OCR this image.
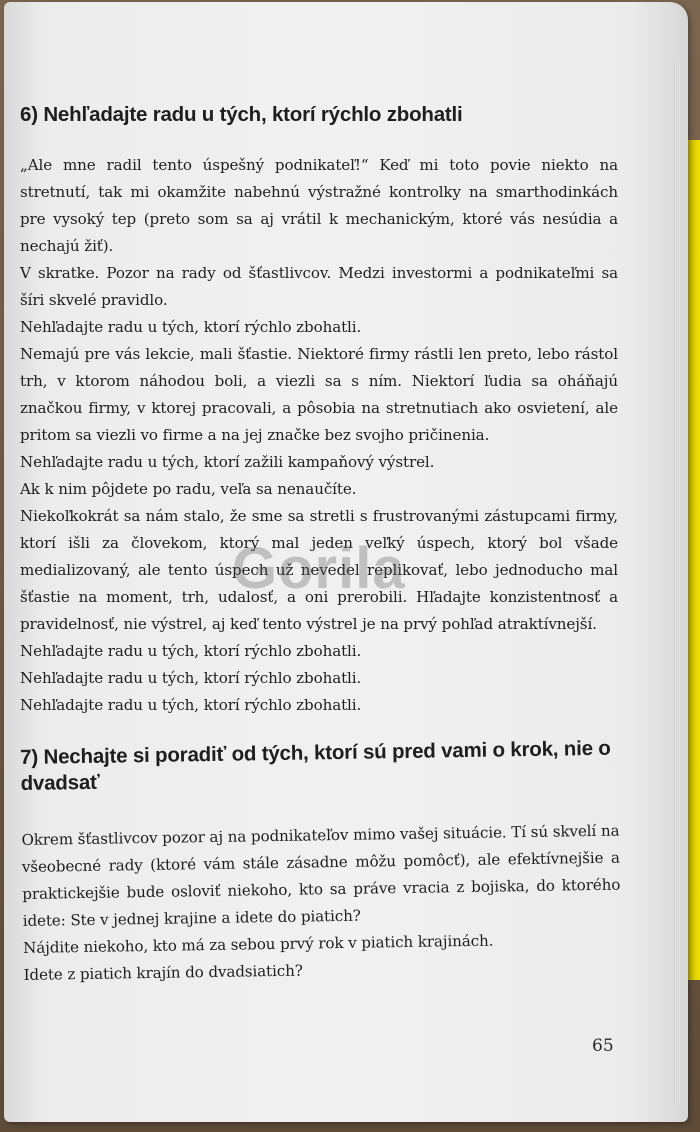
6) Nehľadajte radu u tých, ktorí rýchlo zbohatli

„Ale mne radil tento úspešný podnikateľ!“ Keď mi toto povie niekto na stretnutí, tak mi okamžite nabehnú výstražné kontrolky na smarthodinkách pre vysoký tep (preto som sa aj vrátil k mechanickým, ktoré vás nesúdia a nechajú žiť).

V skratke. Pozor na rady od šťastlivcov. Medzi investormi a podnikateľmi sa šíri skvelé pravidlo.

Nehľadajte radu u tých, ktorí rýchlo zbohatli.

Nemajú pre vás lekcie, mali šťastie. Niektoré firmy rástli len preto, lebo rástol trh, v ktorom náhodou boli, a viezli sa s ním. Niektorí ľudia sa oháňajú značkou firmy, v ktorej pracovali, a pôsobia na stretnutiach ako osvietení, ale pritom sa viezli vo firme a na jej značke bez svojho pričinenia.

Nehľadajte radu u tých, ktorí zažili kampaňový výstrel.

Ak k nim pôjdete po radu, veľa sa nenaučíte.

Niekoľkokrát sa nám stalo, že sme sa stretli s frustrovanými zástupcami firmy, ktorí išli za človekom, ktorý mal jeden veľký úspech, ktorý bol všade medializovaný, ale tento úspech už nevedel replikovať, lebo jednoducho mal šťastie na moment, trh, udalosť, a oni prerobili. Hľadajte konzistentnosť a pravidelnosť, nie výstrel, aj keď tento výstrel je na prvý pohľad atraktívnejší.

Nehľadajte radu u tých, ktorí rýchlo zbohatli.

Nehľadajte radu u tých, ktorí rýchlo zbohatli.

Nehľadajte radu u tých, ktorí rýchlo zbohatli.

7) Nechajte si poradiť od tých, ktorí sú pred vami o krok, nie o dvadsať

Okrem šťastlivcov pozor aj na podnikateľov mimo vašej situácie. Tí sú skvelí na všeobecné rady (ktoré vám stále zásadne môžu pomôcť), ale efektívnejšie a praktickejšie bude osloviť niekoho, kto sa práve vracia z bojiska, do ktorého idete: Ste v jednej krajine a idete do piatich?

Nájdite niekoho, kto má za sebou prvý rok v piatich krajinách.

Idete z piatich krajín do dvadsiatich?

Gorila
65
